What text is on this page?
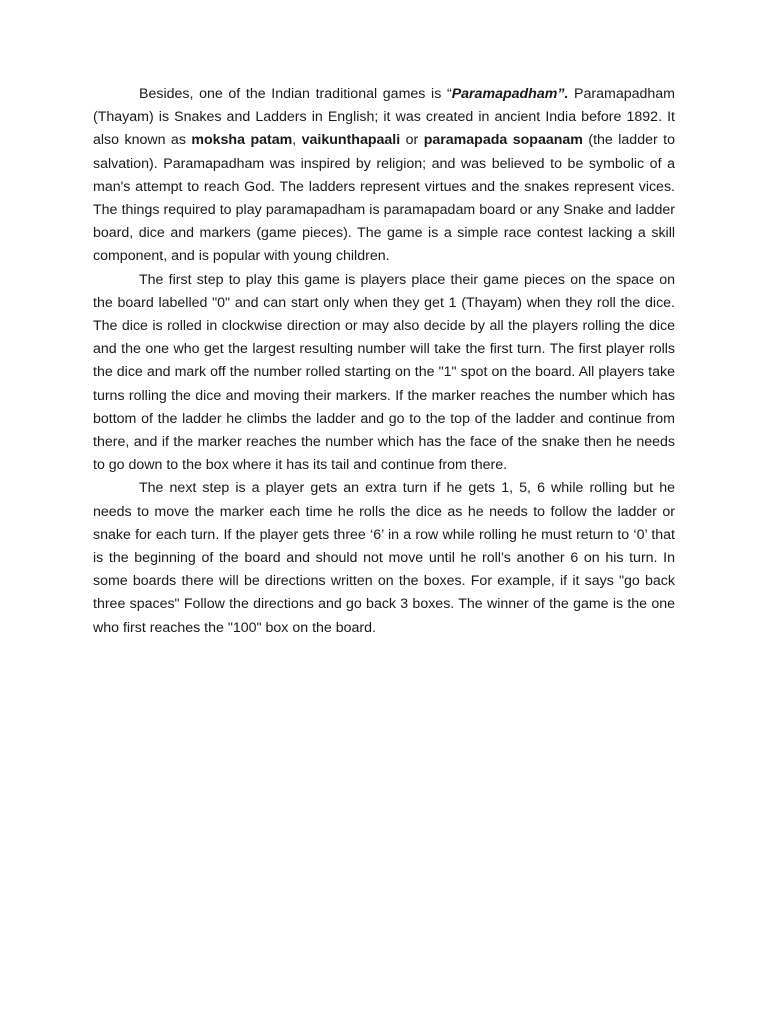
Besides, one of the Indian traditional games is “Paramapadham”. Paramapadham (Thayam) is Snakes and Ladders in English; it was created in ancient India before 1892. It also known as moksha patam, vaikunthapaali or paramapada sopaanam (the ladder to salvation). Paramapadham was inspired by religion; and was believed to be symbolic of a man's attempt to reach God. The ladders represent virtues and the snakes represent vices. The things required to play paramapadham is paramapadam board or any Snake and ladder board, dice and markers (game pieces). The game is a simple race contest lacking a skill component, and is popular with young children.

The first step to play this game is players place their game pieces on the space on the board labelled "0" and can start only when they get 1 (Thayam) when they roll the dice. The dice is rolled in clockwise direction or may also decide by all the players rolling the dice and the one who get the largest resulting number will take the first turn. The first player rolls the dice and mark off the number rolled starting on the "1" spot on the board. All players take turns rolling the dice and moving their markers. If the marker reaches the number which has bottom of the ladder he climbs the ladder and go to the top of the ladder and continue from there, and if the marker reaches the number which has the face of the snake then he needs to go down to the box where it has its tail and continue from there.

The next step is a player gets an extra turn if he gets 1, 5, 6 while rolling but he needs to move the marker each time he rolls the dice as he needs to follow the ladder or snake for each turn. If the player gets three ‘6’ in a row while rolling he must return to ‘0’ that is the beginning of the board and should not move until he roll’s another 6 on his turn. In some boards there will be directions written on the boxes. For example, if it says "go back three spaces" Follow the directions and go back 3 boxes. The winner of the game is the one who first reaches the "100" box on the board.
